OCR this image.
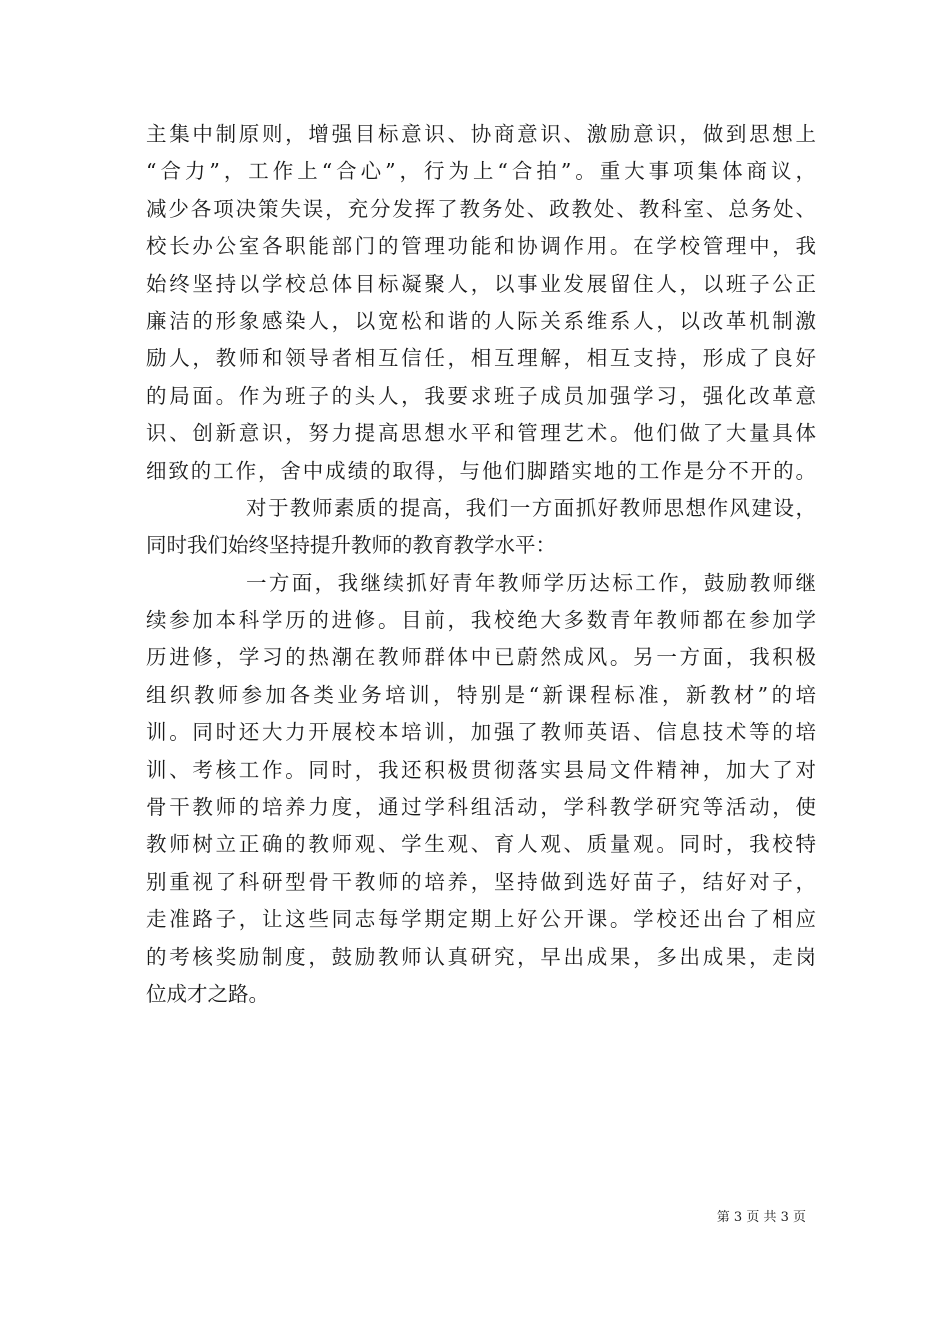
主集中制原则，增强目标意识、协商意识、激励意识，做到思想上
“合力”，工作上“合心”，行为上“合拍”。重大事项集体商议，
减少各项决策失误，充分发挥了教务处、政教处、教科室、总务处、
校长办公室各职能部门的管理功能和协调作用。在学校管理中，我
始终坚持以学校总体目标凝聚人，以事业发展留住人，以班子公正
廉洁的形象感染人，以宽松和谐的人际关系维系人，以改革机制激
励人，教师和领导者相互信任，相互理解，相互支持，形成了良好
的局面。作为班子的头人，我要求班子成员加强学习，强化改革意
识、创新意识，努力提高思想水平和管理艺术。他们做了大量具体
细致的工作，舍中成绩的取得，与他们脚踏实地的工作是分不开的。
对于教师素质的提高，我们一方面抓好教师思想作风建设，
同时我们始终坚持提升教师的教育教学水平：
一方面，我继续抓好青年教师学历达标工作，鼓励教师继
续参加本科学历的进修。目前，我校绝大多数青年教师都在参加学
历进修，学习的热潮在教师群体中已蔚然成风。另一方面，我积极
组织教师参加各类业务培训，特别是“新课程标准，新教材”的培
训。同时还大力开展校本培训，加强了教师英语、信息技术等的培
训、考核工作。同时，我还积极贯彻落实县局文件精神，加大了对
骨干教师的培养力度，通过学科组活动，学科教学研究等活动，使
教师树立正确的教师观、学生观、育人观、质量观。同时，我校特
别重视了科研型骨干教师的培养，坚持做到选好苗子，结好对子，
走准路子，让这些同志每学期定期上好公开课。学校还出台了相应
的考核奖励制度，鼓励教师认真研究，早出成果，多出成果，走岗
位成才之路。
第 3 页 共 3 页
